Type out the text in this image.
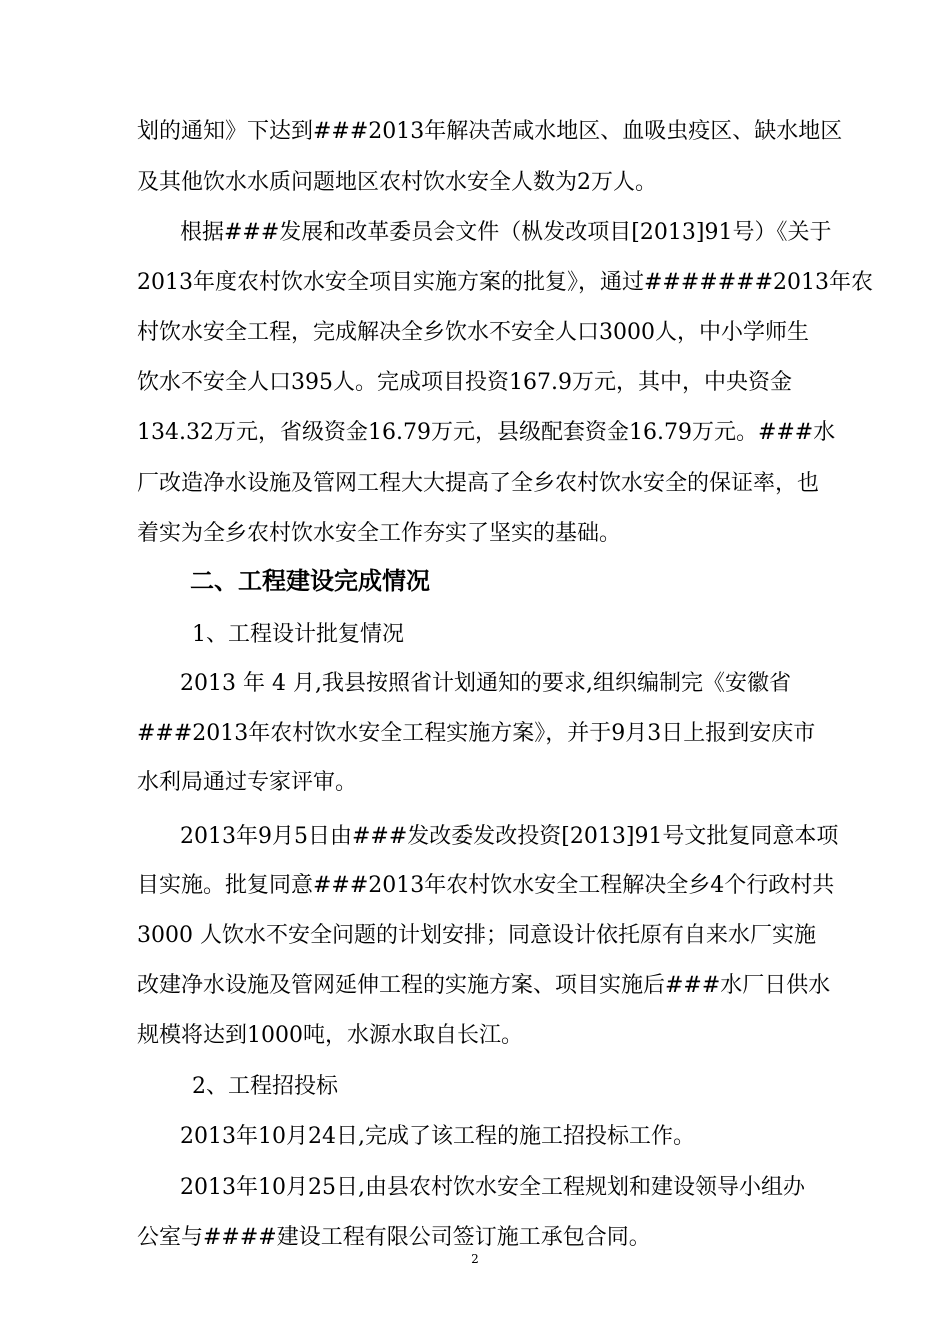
划的通知》下达到###2013年解决苦咸水地区、血吸虫疫区、缺水地区
及其他饮水水质问题地区农村饮水安全人数为2万人。
根据###发展和改革委员会文件（枞发改项目[2013]91号）《关于
2013年度农村饮水安全项目实施方案的批复》，通过#######2013年农
村饮水安全工程，完成解决全乡饮水不安全人口3000人，中小学师生
饮水不安全人口395人。完成项目投资167.9万元，其中，中央资金
134.32万元，省级资金16.79万元，县级配套资金16.79万元。###水
厂改造净水设施及管网工程大大提高了全乡农村饮水安全的保证率，也
着实为全乡农村饮水安全工作夯实了坚实的基础。
二、工程建设完成情况
1、工程设计批复情况
2013 年 4 月,我县按照省计划通知的要求,组织编制完《安徽省
###2013年农村饮水安全工程实施方案》，并于9月3日上报到安庆市
水利局通过专家评审。
2013年9月5日由###发改委发改投资[2013]91号文批复同意本项
目实施。批复同意###2013年农村饮水安全工程解决全乡4个行政村共
3000 人饮水不安全问题的计划安排；同意设计依托原有自来水厂实施
改建净水设施及管网延伸工程的实施方案、项目实施后###水厂日供水
规模将达到1000吨，水源水取自长江。
2、工程招投标
2013年10月24日,完成了该工程的施工招投标工作。
2013年10月25日,由县农村饮水安全工程规划和建设领导小组办
公室与####建设工程有限公司签订施工承包合同。
2
